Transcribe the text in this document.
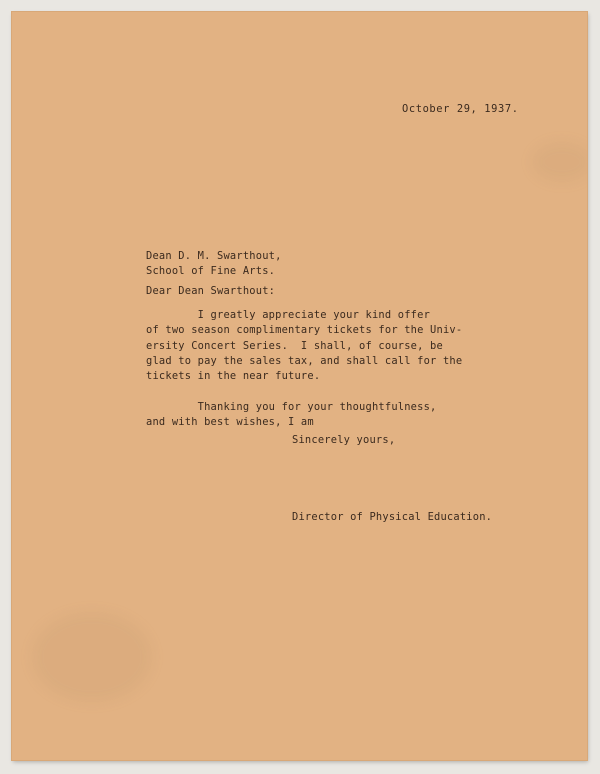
October 29, 1937.

Dean D. M. Swarthout,
School of Fine Arts.

Dear Dean Swarthout:

I greatly appreciate your kind offer
of two season complimentary tickets for the Univ-
ersity Concert Series.  I shall, of course, be
glad to pay the sales tax, and shall call for the
tickets in the near future.

Thanking you for your thoughtfulness,
and with best wishes, I am

Sincerely yours,

Director of Physical Education.
